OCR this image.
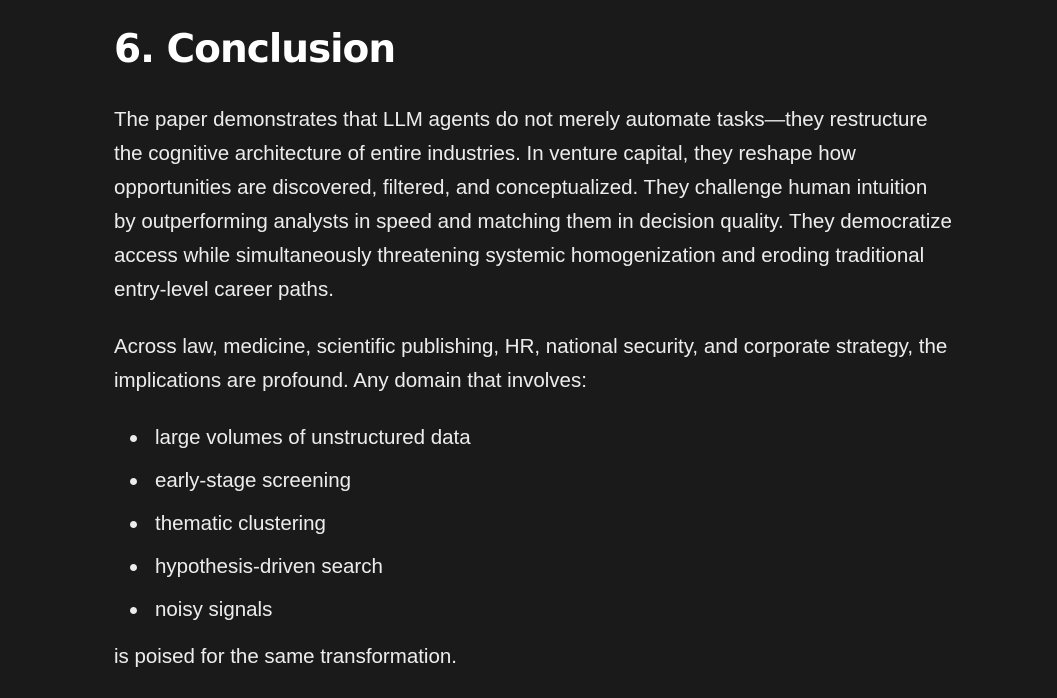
6. Conclusion

The paper demonstrates that LLM agents do not merely automate tasks—they restructure the cognitive architecture of entire industries. In venture capital, they reshape how opportunities are discovered, filtered, and conceptualized. They challenge human intuition by outperforming analysts in speed and matching them in decision quality. They democratize access while simultaneously threatening systemic homogenization and eroding traditional entry-level career paths.

Across law, medicine, scientific publishing, HR, national security, and corporate strategy, the implications are profound. Any domain that involves:

large volumes of unstructured data
early-stage screening
thematic clustering
hypothesis-driven search
noisy signals

is poised for the same transformation.
